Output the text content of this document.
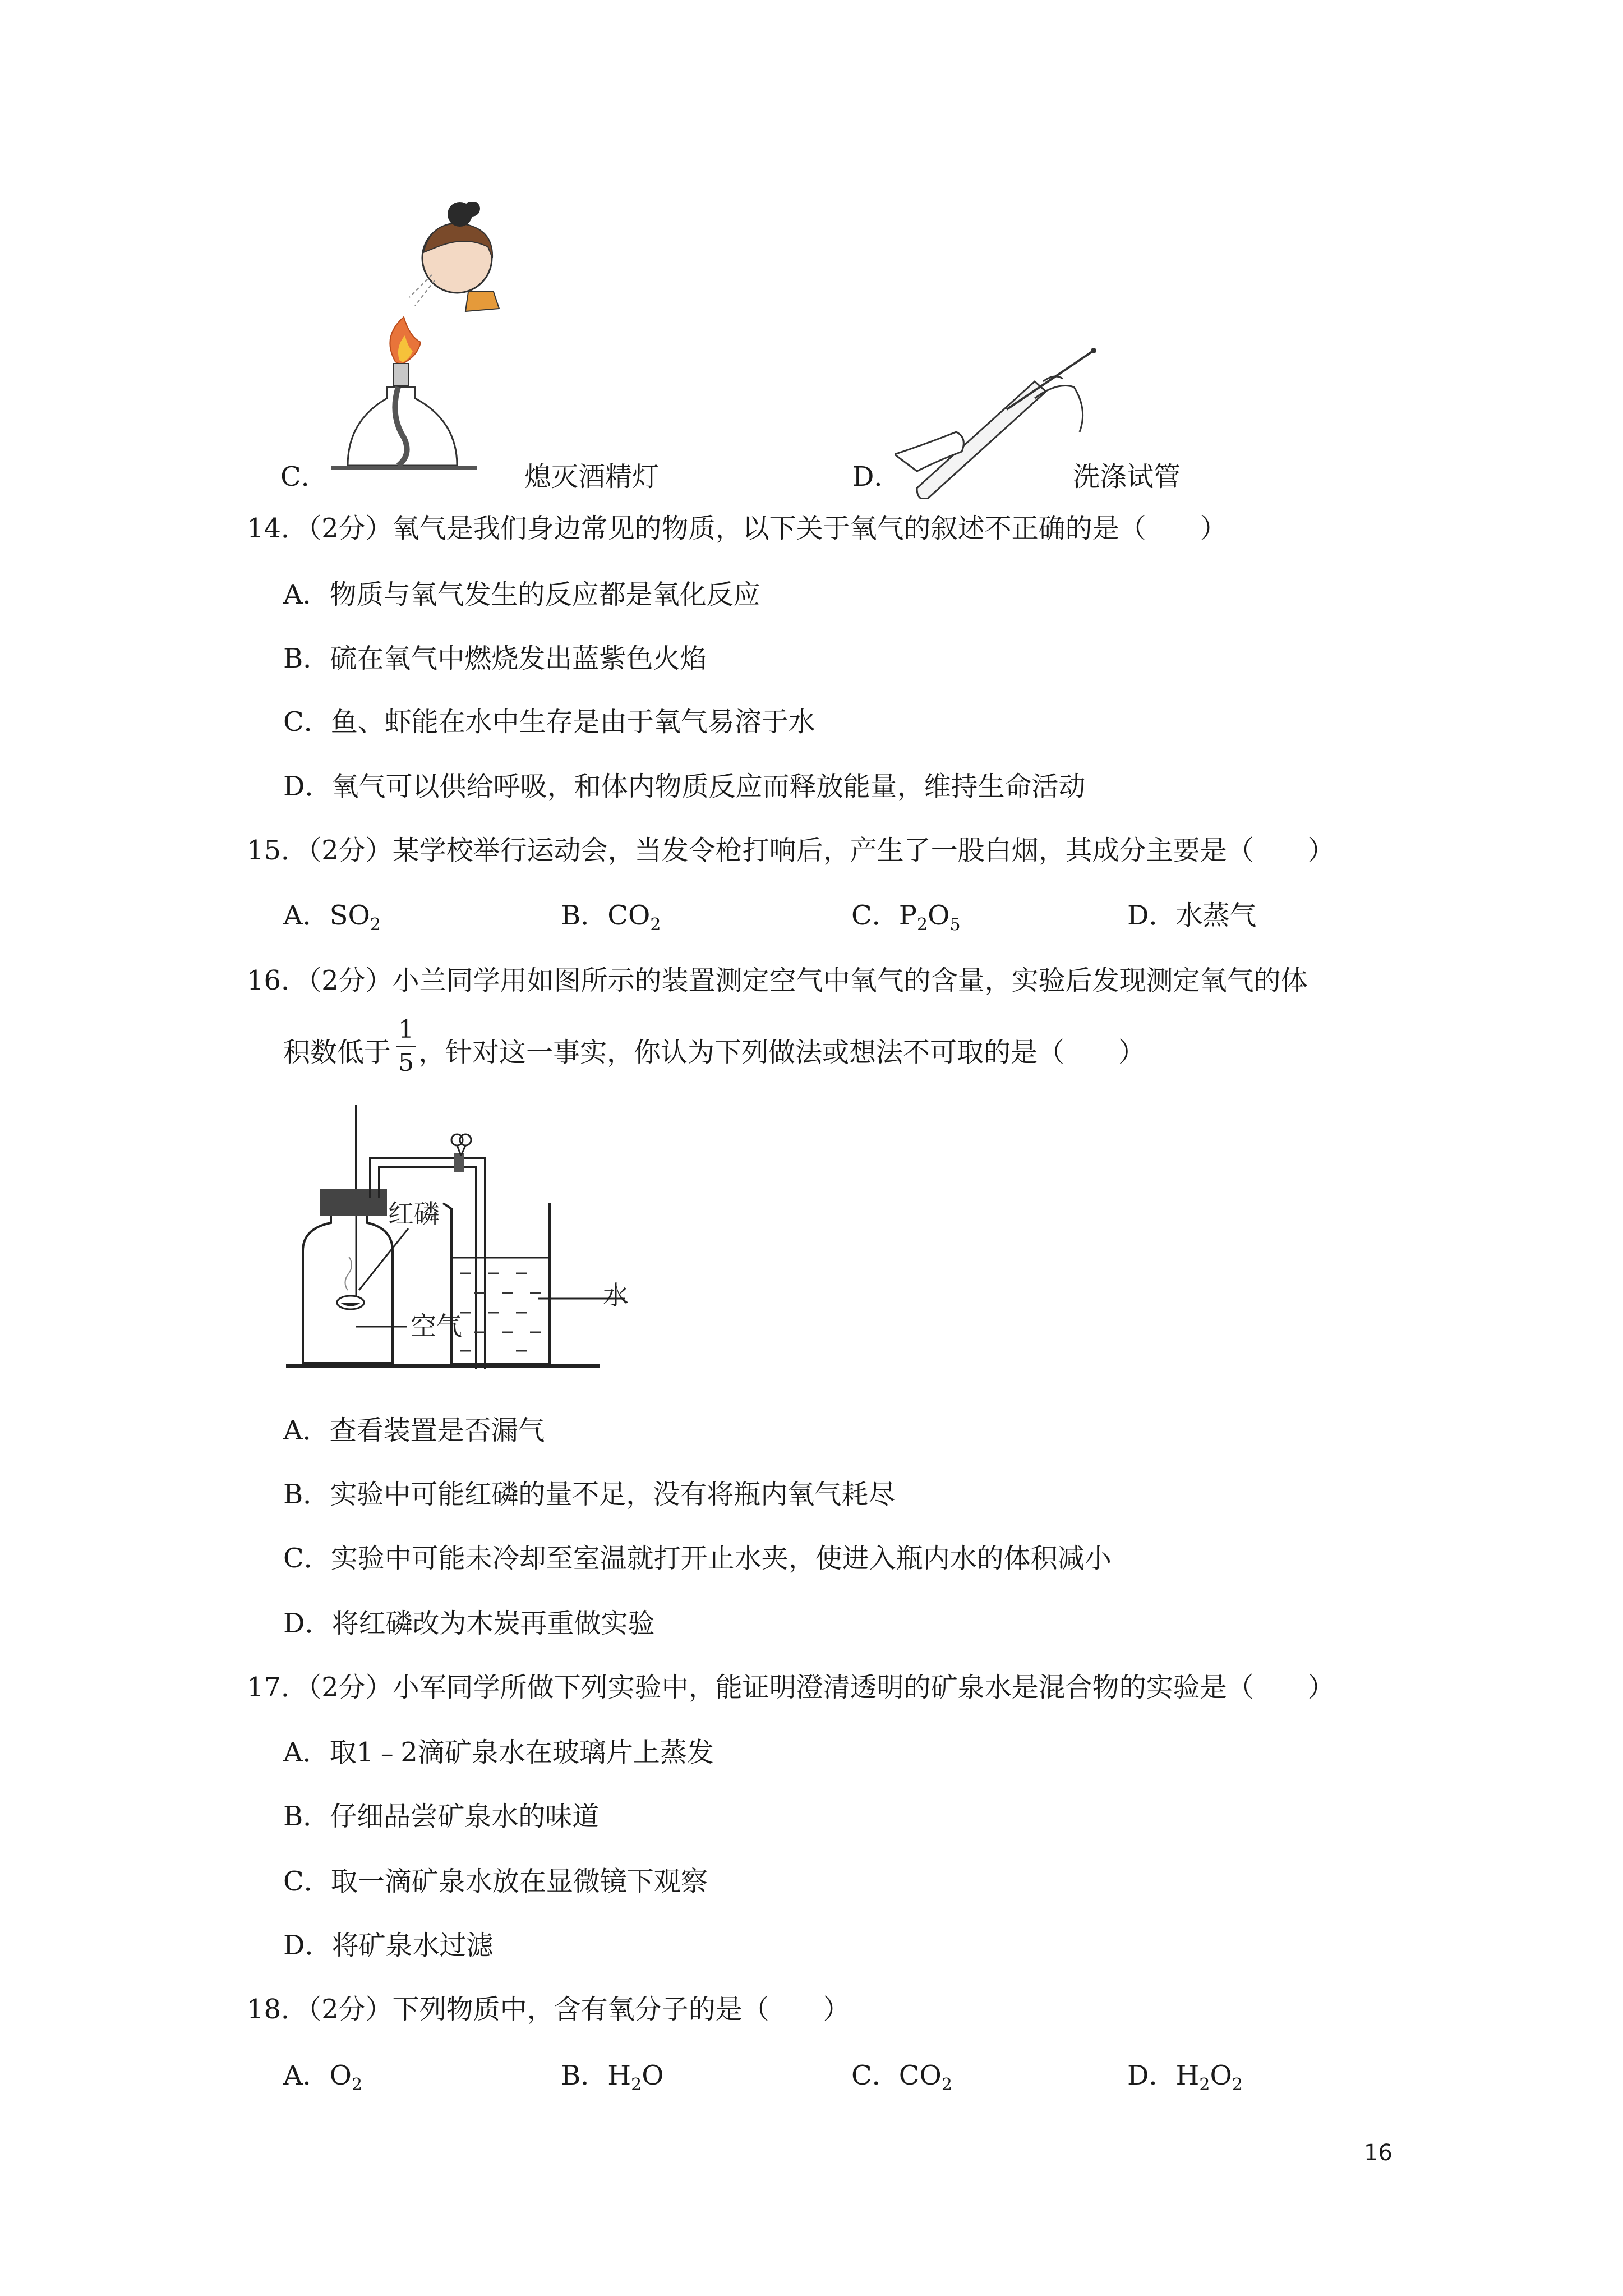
C．	熄灭酒精灯	D．	洗涤试管
14．（2分）氧气是我们身边常见的物质，以下关于氧气的叙述不正确的是（　　）
A．物质与氧气发生的反应都是氧化反应
B．硫在氧气中燃烧发出蓝紫色火焰
C．鱼、虾能在水中生存是由于氧气易溶于水
D．氧气可以供给呼吸，和体内物质反应而释放能量，维持生命活动
15．（2分）某学校举行运动会，当发令枪打响后，产生了一股白烟，其成分主要是（　　）
A．$SO_2$	B．$CO_2$	C．$P_2O_5$	D．水蒸气
16．（2分）小兰同学用如图所示的装置测定空气中氧气的含量，实验后发现测定氧气的体
积数低于
1
5 ，针对这一事实，你认为下列做法或想法不可取的是（　　）
红磷
水
空气
A．查看装置是否漏气
B．实验中可能红磷的量不足，没有将瓶内氧气耗尽
C．实验中可能未冷却至室温就打开止水夹，使进入瓶内水的体积减小
D．将红磷改为木炭再重做实验
17．（2分）小军同学所做下列实验中，能证明澄清透明的矿泉水是混合物的实验是（　　）
A．取1﹣2滴矿泉水在玻璃片上蒸发
B．仔细品尝矿泉水的味道
C．取一滴矿泉水放在显微镜下观察
D．将矿泉水过滤
18．（2分）下列物质中，含有氧分子的是（　　）
A．$O_2$	B．$H_2O$	C．$CO_2$	D．$H_2O_2$
16
